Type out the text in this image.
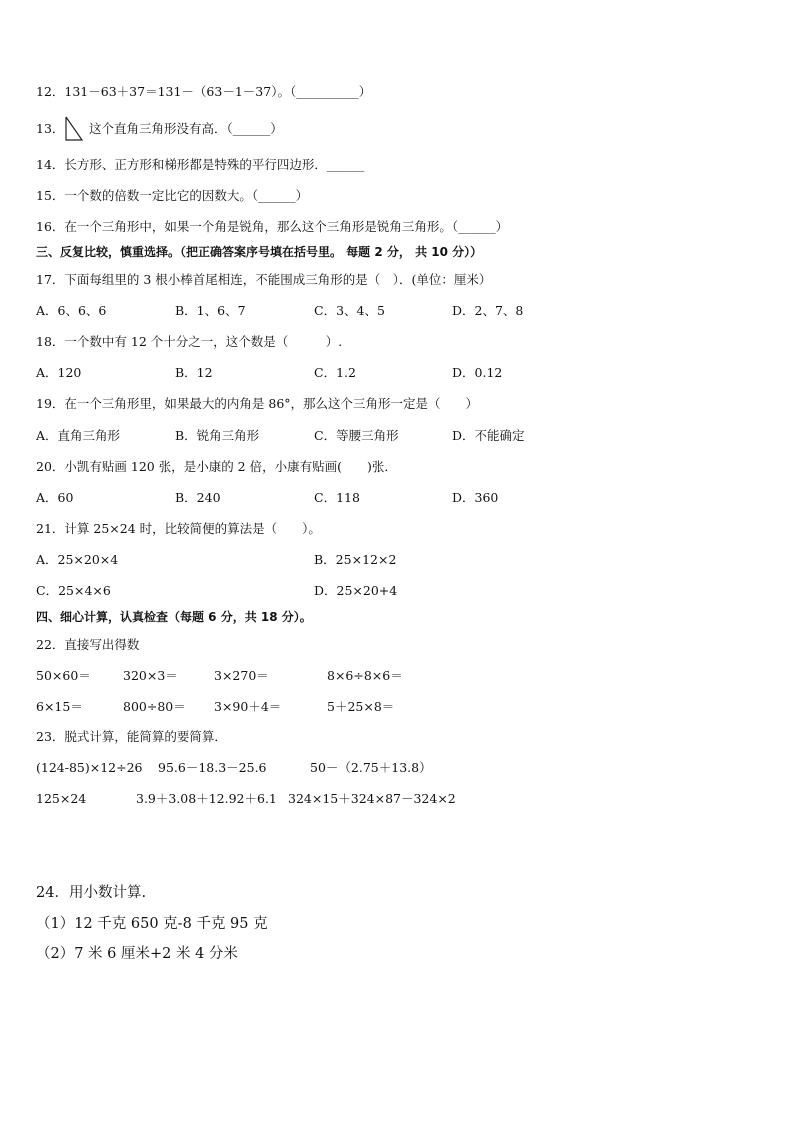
12．131－63＋37＝131－（63－1－37）。（__________）
13． 这个直角三角形没有高．（______）
14．长方形、正方形和梯形都是特殊的平行四边形．______
15．一个数的倍数一定比它的因数大。（______）
16．在一个三角形中，如果一个角是锐角，那么这个三角形是锐角三角形。（______）
三、反复比较，慎重选择。（把正确答案序号填在括号里。 每题 2 分， 共 10 分））
17．下面每组里的 3 根小棒首尾相连，不能围成三角形的是（　）．(单位：厘米）
A．6、6、6	B．1、6、7	C．3、4、5	D．2、7、8
18．一个数中有 12 个十分之一，这个数是（　　　）.
A．120	B．12	C．1.2	D．0.12
19．在一个三角形里，如果最大的内角是 86°，那么这个三角形一定是（　　）
A．直角三角形	B．锐角三角形	C．等腰三角形	D．不能确定
20．小凯有贴画 120 张，是小康的 2 倍，小康有贴画(　　)张．
A．60	B．240	C．118	D．360
21．计算 25×24 时，比较简便的算法是（　　）。
A．25×20×4	B．25×12×2
C．25×4×6	D．25×20+4
四、细心计算，认真检查（每题 6 分，共 18 分）。
22．直接写出得数
50×60＝	320×3＝	3×270＝	8×6÷8×6＝
6×15＝	800÷80＝ 3×90＋4＝	5＋25×8＝
23．脱式计算，能简算的要简算．
(124-85)×12÷26 95.6－18.3－25.6	50－（2.75＋13.8）
125×24	3.9＋3.08＋12.92＋6.1 324×15＋324×87－324×2
24．用小数计算.
（1）12 千克 650 克-8 千克 95 克
（2）7 米 6 厘米+2 米 4 分米
